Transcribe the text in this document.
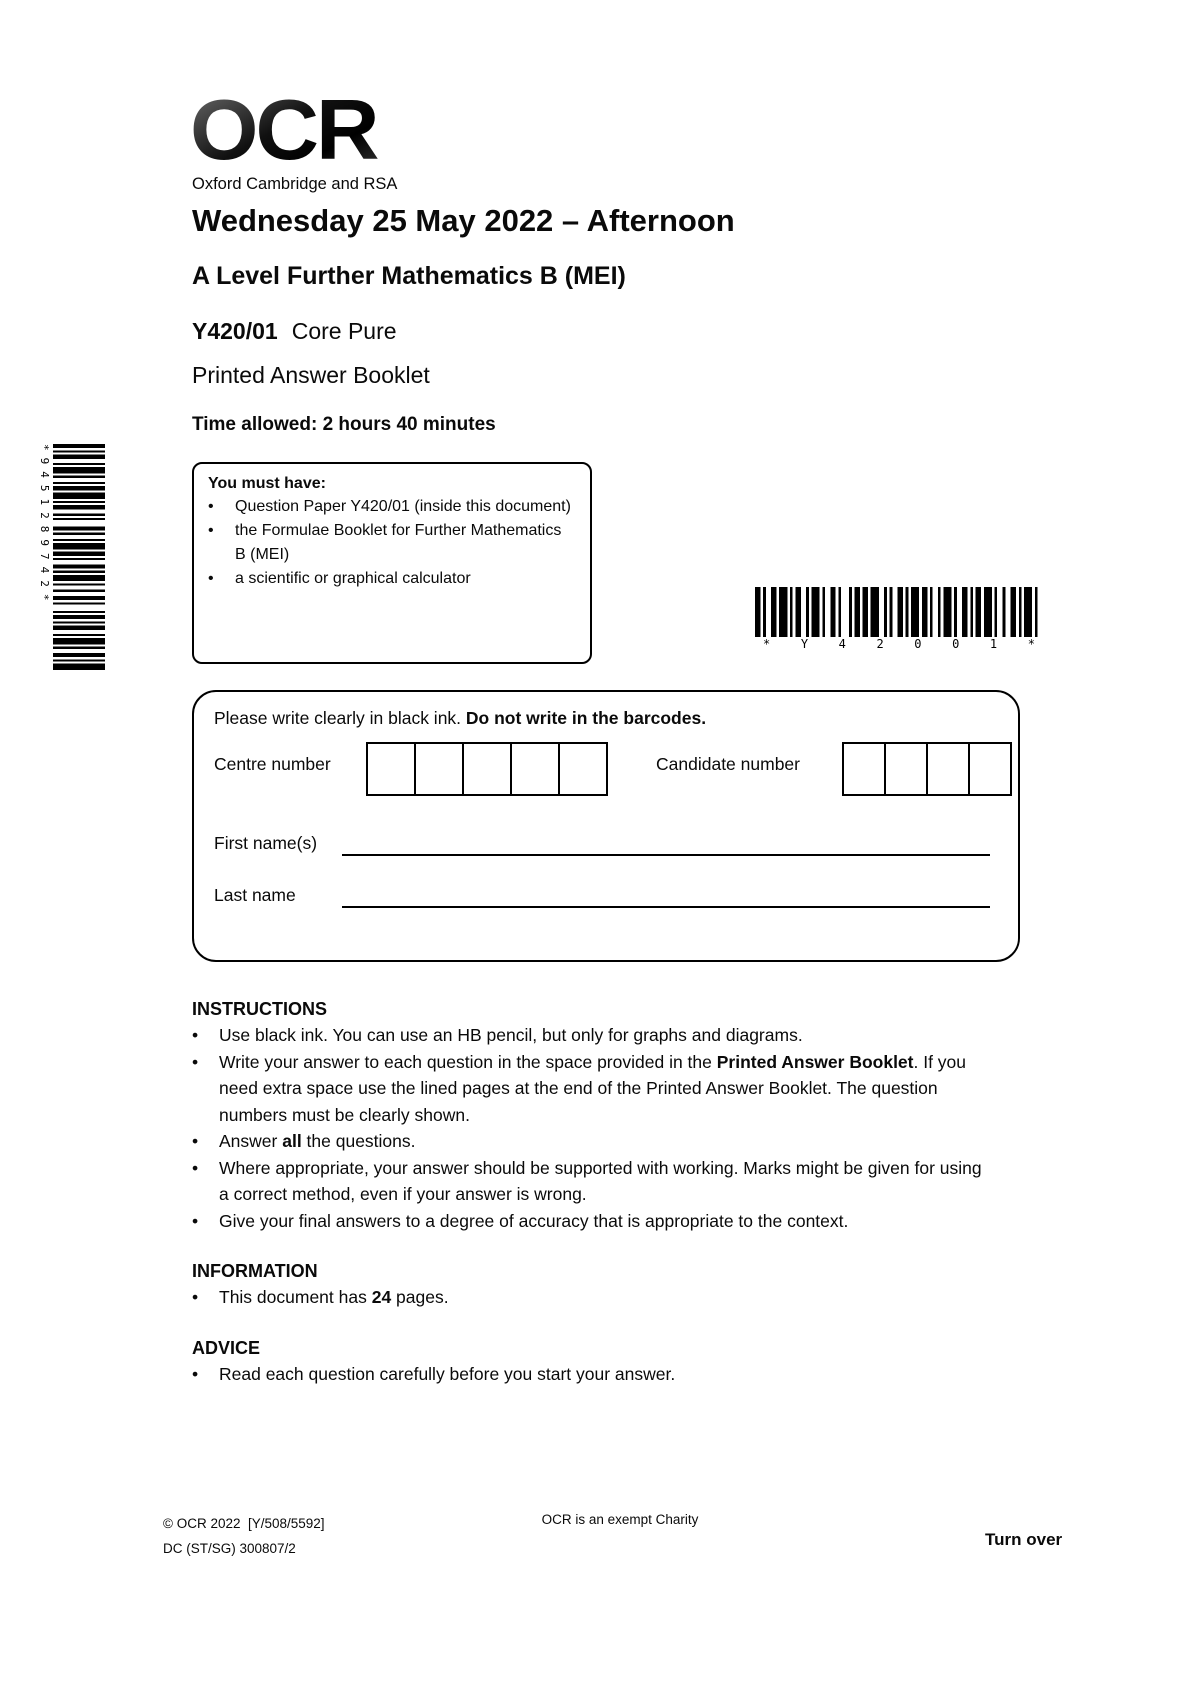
OCR
Oxford Cambridge and RSA
Wednesday 25 May 2022 – Afternoon
A Level Further Mathematics B (MEI)
Y420/01 Core Pure
Printed Answer Booklet
Time allowed: 2 hours 40 minutes
You must have:
•	Question Paper Y420/01 (inside this document)
•	the Formulae Booklet for Further Mathematics B (MEI)
•	a scientific or graphical calculator
*9451289742*
*	Y	4	2	0	0	1	*
Please write clearly in black ink. Do not write in the barcodes.
Centre number	Candidate number
First name(s)
Last name
INSTRUCTIONS
•	Use black ink. You can use an HB pencil, but only for graphs and diagrams.
•	Write your answer to each question in the space provided in the Printed Answer Booklet. If you need extra space use the lined pages at the end of the Printed Answer Booklet. The question numbers must be clearly shown.
•	Answer all the questions.
•	Where appropriate, your answer should be supported with working. Marks might be given for using a correct method, even if your answer is wrong.
•	Give your final answers to a degree of accuracy that is appropriate to the context.
INFORMATION
•	This document has 24 pages.
ADVICE
•	Read each question carefully before you start your answer.
© OCR 2022  [Y/508/5592]
DC (ST/SG) 300807/2
OCR is an exempt Charity
Turn over
